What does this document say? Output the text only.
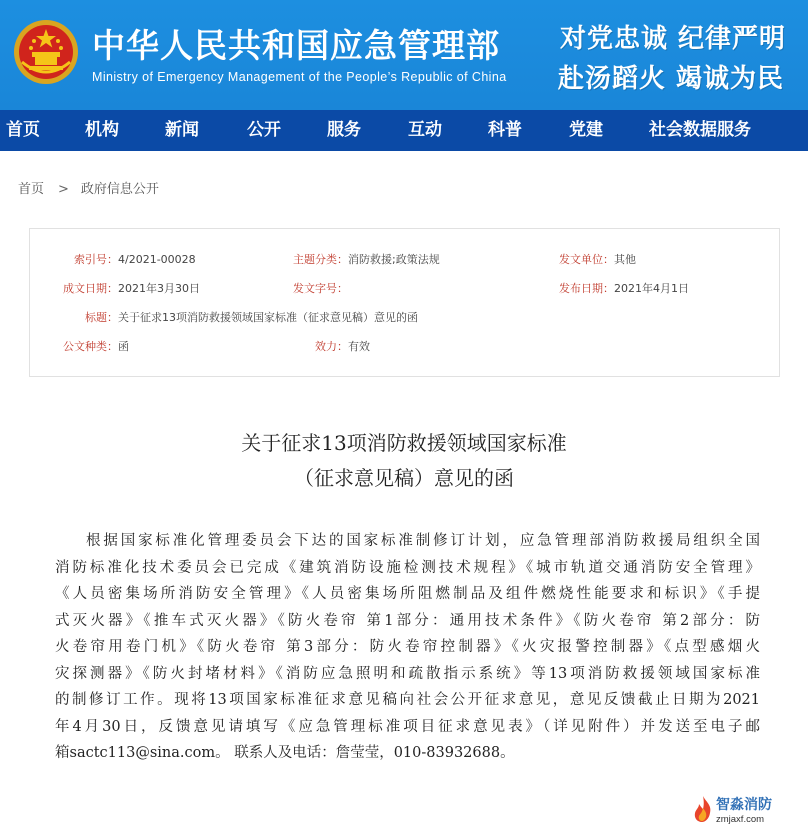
中华人民共和国应急管理部
Ministry of Emergency Management of the People’s Republic of China
对党忠诚 纪律严明
赴汤蹈火 竭诚为民
首页	机构	新闻	公开	服务	互动	科普	党建	社会数据服务
首页 > 政府信息公开
索引号： 4/2021-00028	主题分类： 消防救援;政策法规	发文单位： 其他
成文日期： 2021年3月30日	发文字号：	发布日期： 2021年4月1日
标题： 关于征求13项消防救援领域国家标准（征求意见稿）意见的函
公文种类： 函	效力： 有效
关于征求13项消防救援领域国家标准
（征求意见稿）意见的函
根据国家标准化管理委员会下达的国家标准制修订计划，应急管理部消防救援局组织全国
消防标准化技术委员会已完成《建筑消防设施检测技术规程》《城市轨道交通消防安全管理》
《人员密集场所消防安全管理》《人员密集场所阻燃制品及组件燃烧性能要求和标识》《手提
式灭火器》《推车式灭火器》《防火卷帘 第1部分：通用技术条件》《防火卷帘 第2部分：防
火卷帘用卷门机》《防火卷帘 第3部分：防火卷帘控制器》《火灾报警控制器》《点型感烟火
灾探测器》《防火封堵材料》《消防应急照明和疏散指示系统》等13项消防救援领域国家标准
的制修订工作。现将13项国家标准征求意见稿向社会公开征求意见，意见反馈截止日期为2021
年4月30日，反馈意见请填写《应急管理标准项目征求意见表》（详见附件）并发送至电子邮
箱sactc113@sina.com。 联系人及电话：詹莹莹，010-83932688。
智淼消防
zmjaxf.com
